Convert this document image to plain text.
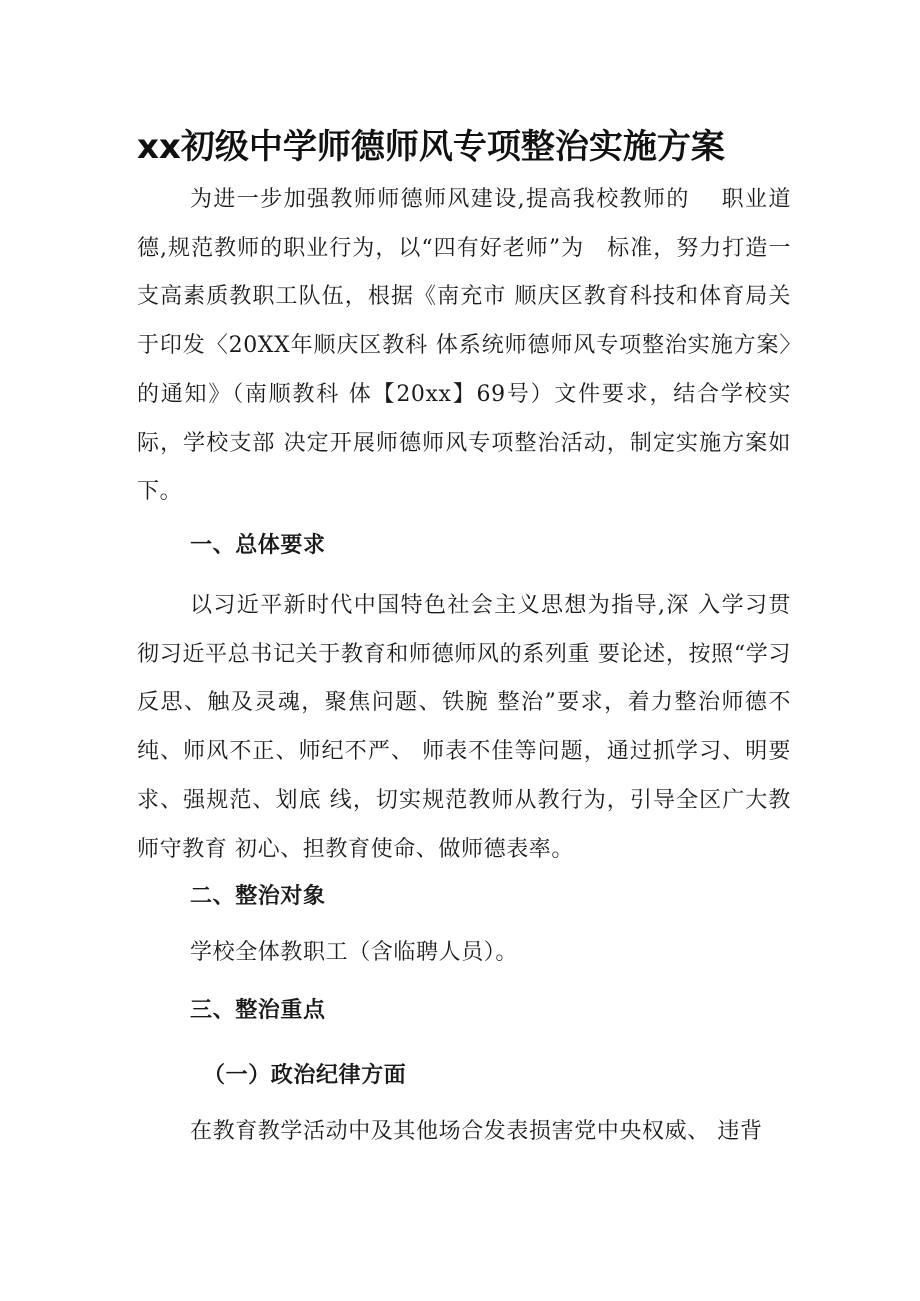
xx初级中学师德师风专项整治实施方案

为进一步加强教师师德师风建设,提高我校教师的　 职业道德,规范教师的职业行为，以“四有好老师”为　标准，努力打造一支高素质教职工队伍，根据《南充市 顺庆区教育科技和体育局关于印发〈20XX年顺庆区教科 体系统师德师风专项整治实施方案〉的通知》（南顺教科 体【20xx】69号）文件要求，结合学校实际，学校支部 决定开展师德师风专项整治活动，制定实施方案如下。

一、总体要求

以习近平新时代中国特色社会主义思想为指导,深 入学习贯彻习近平总书记关于教育和师德师风的系列重 要论述，按照“学习反思、触及灵魂，聚焦问题、铁腕 整治”要求，着力整治师德不纯、师风不正、师纪不严、 师表不佳等问题，通过抓学习、明要求、强规范、划底 线，切实规范教师从教行为，引导全区广大教师守教育 初心、担教育使命、做师德表率。

二、整治对象

学校全体教职工（含临聘人员）。

三、整治重点
（一）政治纪律方面

在教育教学活动中及其他场合发表损害党中央权威、 违背
